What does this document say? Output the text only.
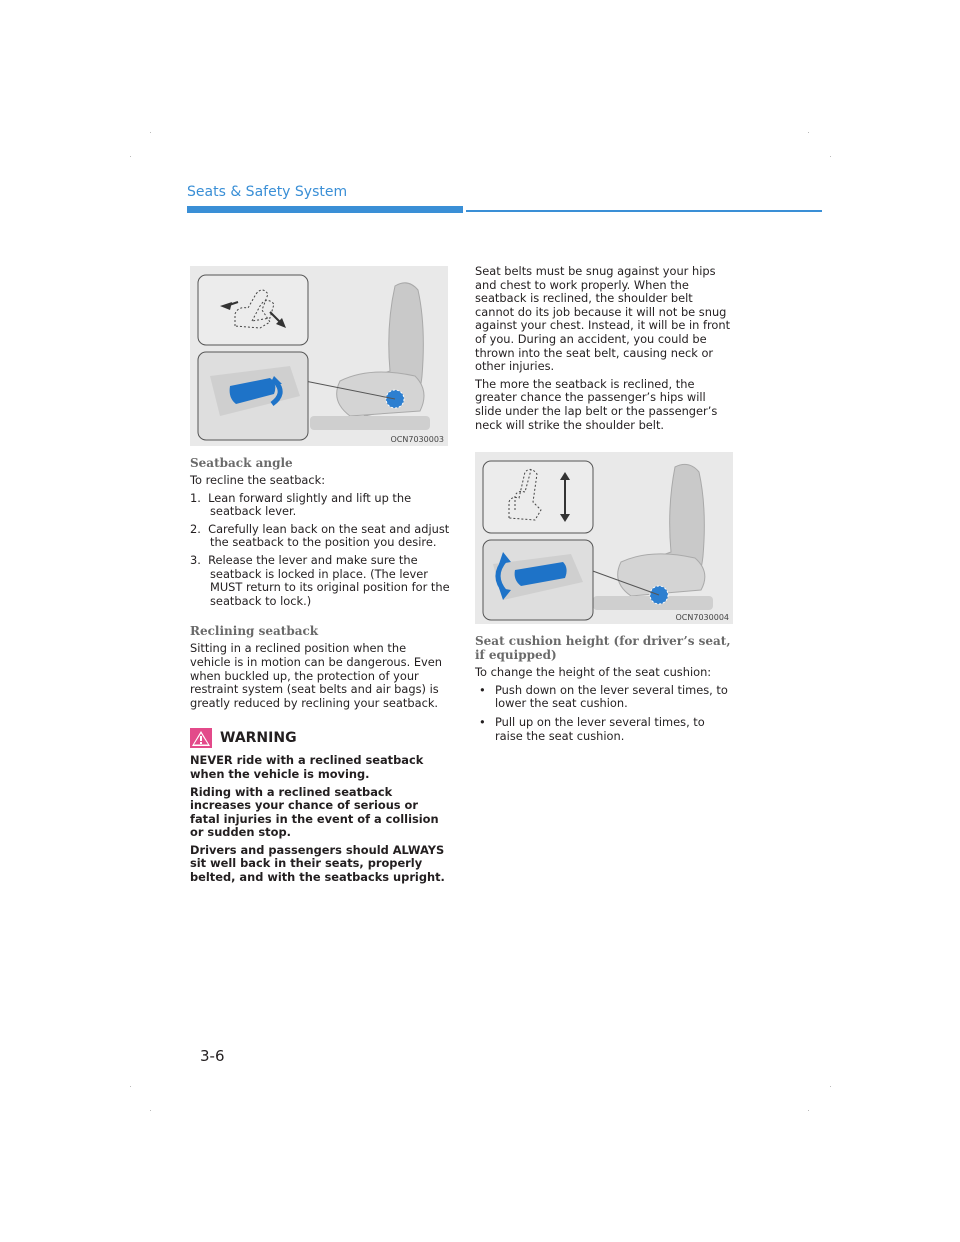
Seats & Safety System
OCN7030003
Seatback angle

To recline the seatback:

1.  Lean forward slightly and lift up the seatback lever.
2.  Carefully lean back on the seat and adjust the seatback to the position you desire.
3.  Release the lever and make sure the seatback is locked in place. (The lever MUST return to its original position for the seatback to lock.)
Reclining seatback

Sitting in a reclined position when the vehicle is in motion can be dangerous. Even when buckled up, the protection of your restraint system (seat belts and air bags) is greatly reduced by reclining your seatback.

WARNING

NEVER ride with a reclined seatback when the vehicle is moving.

Riding with a reclined seatback increases your chance of serious or fatal injuries in the event of a collision or sudden stop.

Drivers and passengers should ALWAYS sit well back in their seats, properly belted, and with the seatbacks upright.

Seat belts must be snug against your hips and chest to work properly. When the seatback is reclined, the shoulder belt cannot do its job because it will not be snug against your chest. Instead, it will be in front of you. During an accident, you could be thrown into the seat belt, causing neck or other injuries.

The more the seatback is reclined, the greater chance the passenger’s hips will slide under the lap belt or the passenger’s neck will strike the shoulder belt.

OCN7030004
Seat cushion height (for driver’s seat, if equipped)

To change the height of the seat cushion:

• Push down on the lever several times, to lower the seat cushion.
• Pull up on the lever several times, to raise the seat cushion.
3-6
